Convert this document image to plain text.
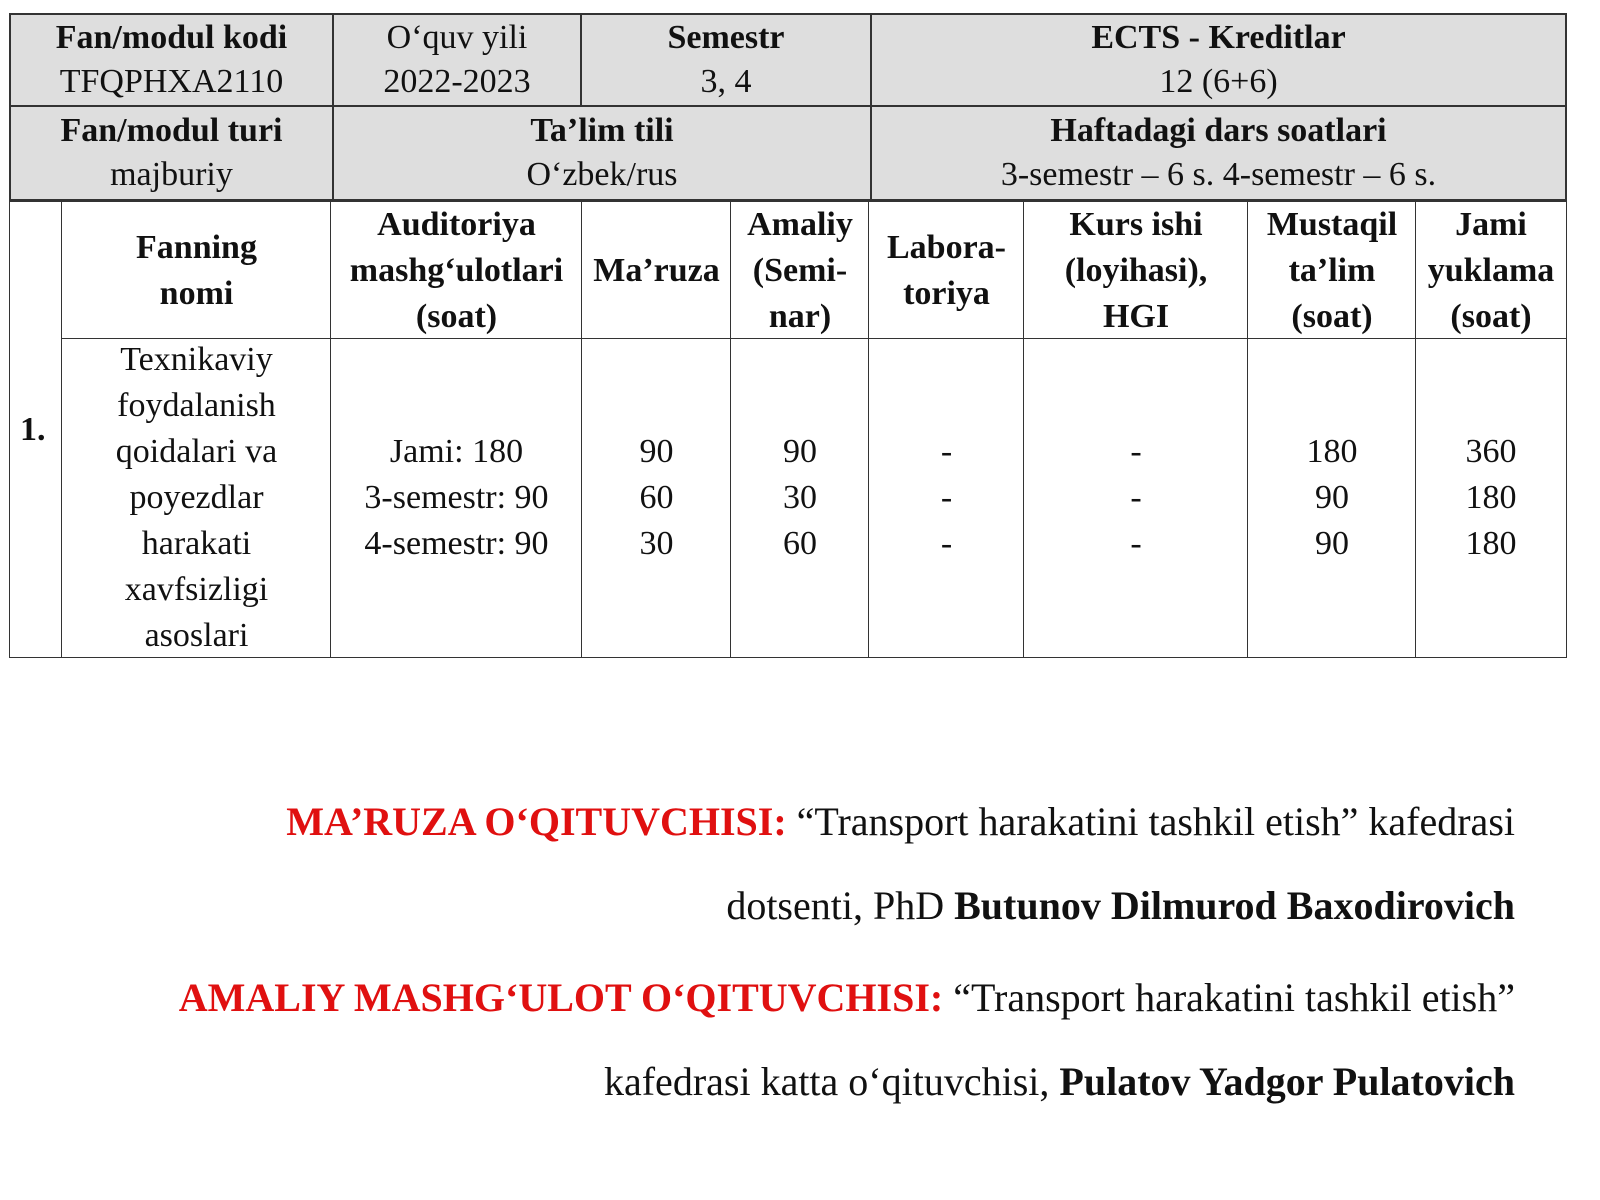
Fan/modul kodi
TFQPHXA2110
O‘quv yili
2022-2023
Semestr
3, 4
ECTS - Kreditlar
12 (6+6)
Fan/modul turi
majburiy
Ta’lim tili
O‘zbek/rus
Haftadagi dars soatlari
3-semestr – 6 s. 4-semestr – 6 s.
1.
Fanning
nomi
Auditoriya
mashg‘ulotlari
(soat)
Ma’ruza
Amaliy
(Semi-
nar)
Labora-
toriya
Kurs ishi
(loyihasi),
HGI
Mustaqil
ta’lim
(soat)
Jami
yuklama
(soat)
Texnikaviy
foydalanish
qoidalari va
poyezdlar
harakati
xavfsizligi
asoslari
Jami: 180
3-semestr: 90
4-semestr: 90
90
60
30
90
30
60
-
-
-
-
-
-
180
90
90
360
180
180
MA’RUZA O‘QITUVCHISI: “Transport harakatini tashkil etish” kafedrasi
dotsenti, PhD Butunov Dilmurod Baxodirovich
AMALIY MASHG‘ULOT O‘QITUVCHISI: “Transport harakatini tashkil etish”
kafedrasi katta o‘qituvchisi, Pulatov Yadgor Pulatovich
